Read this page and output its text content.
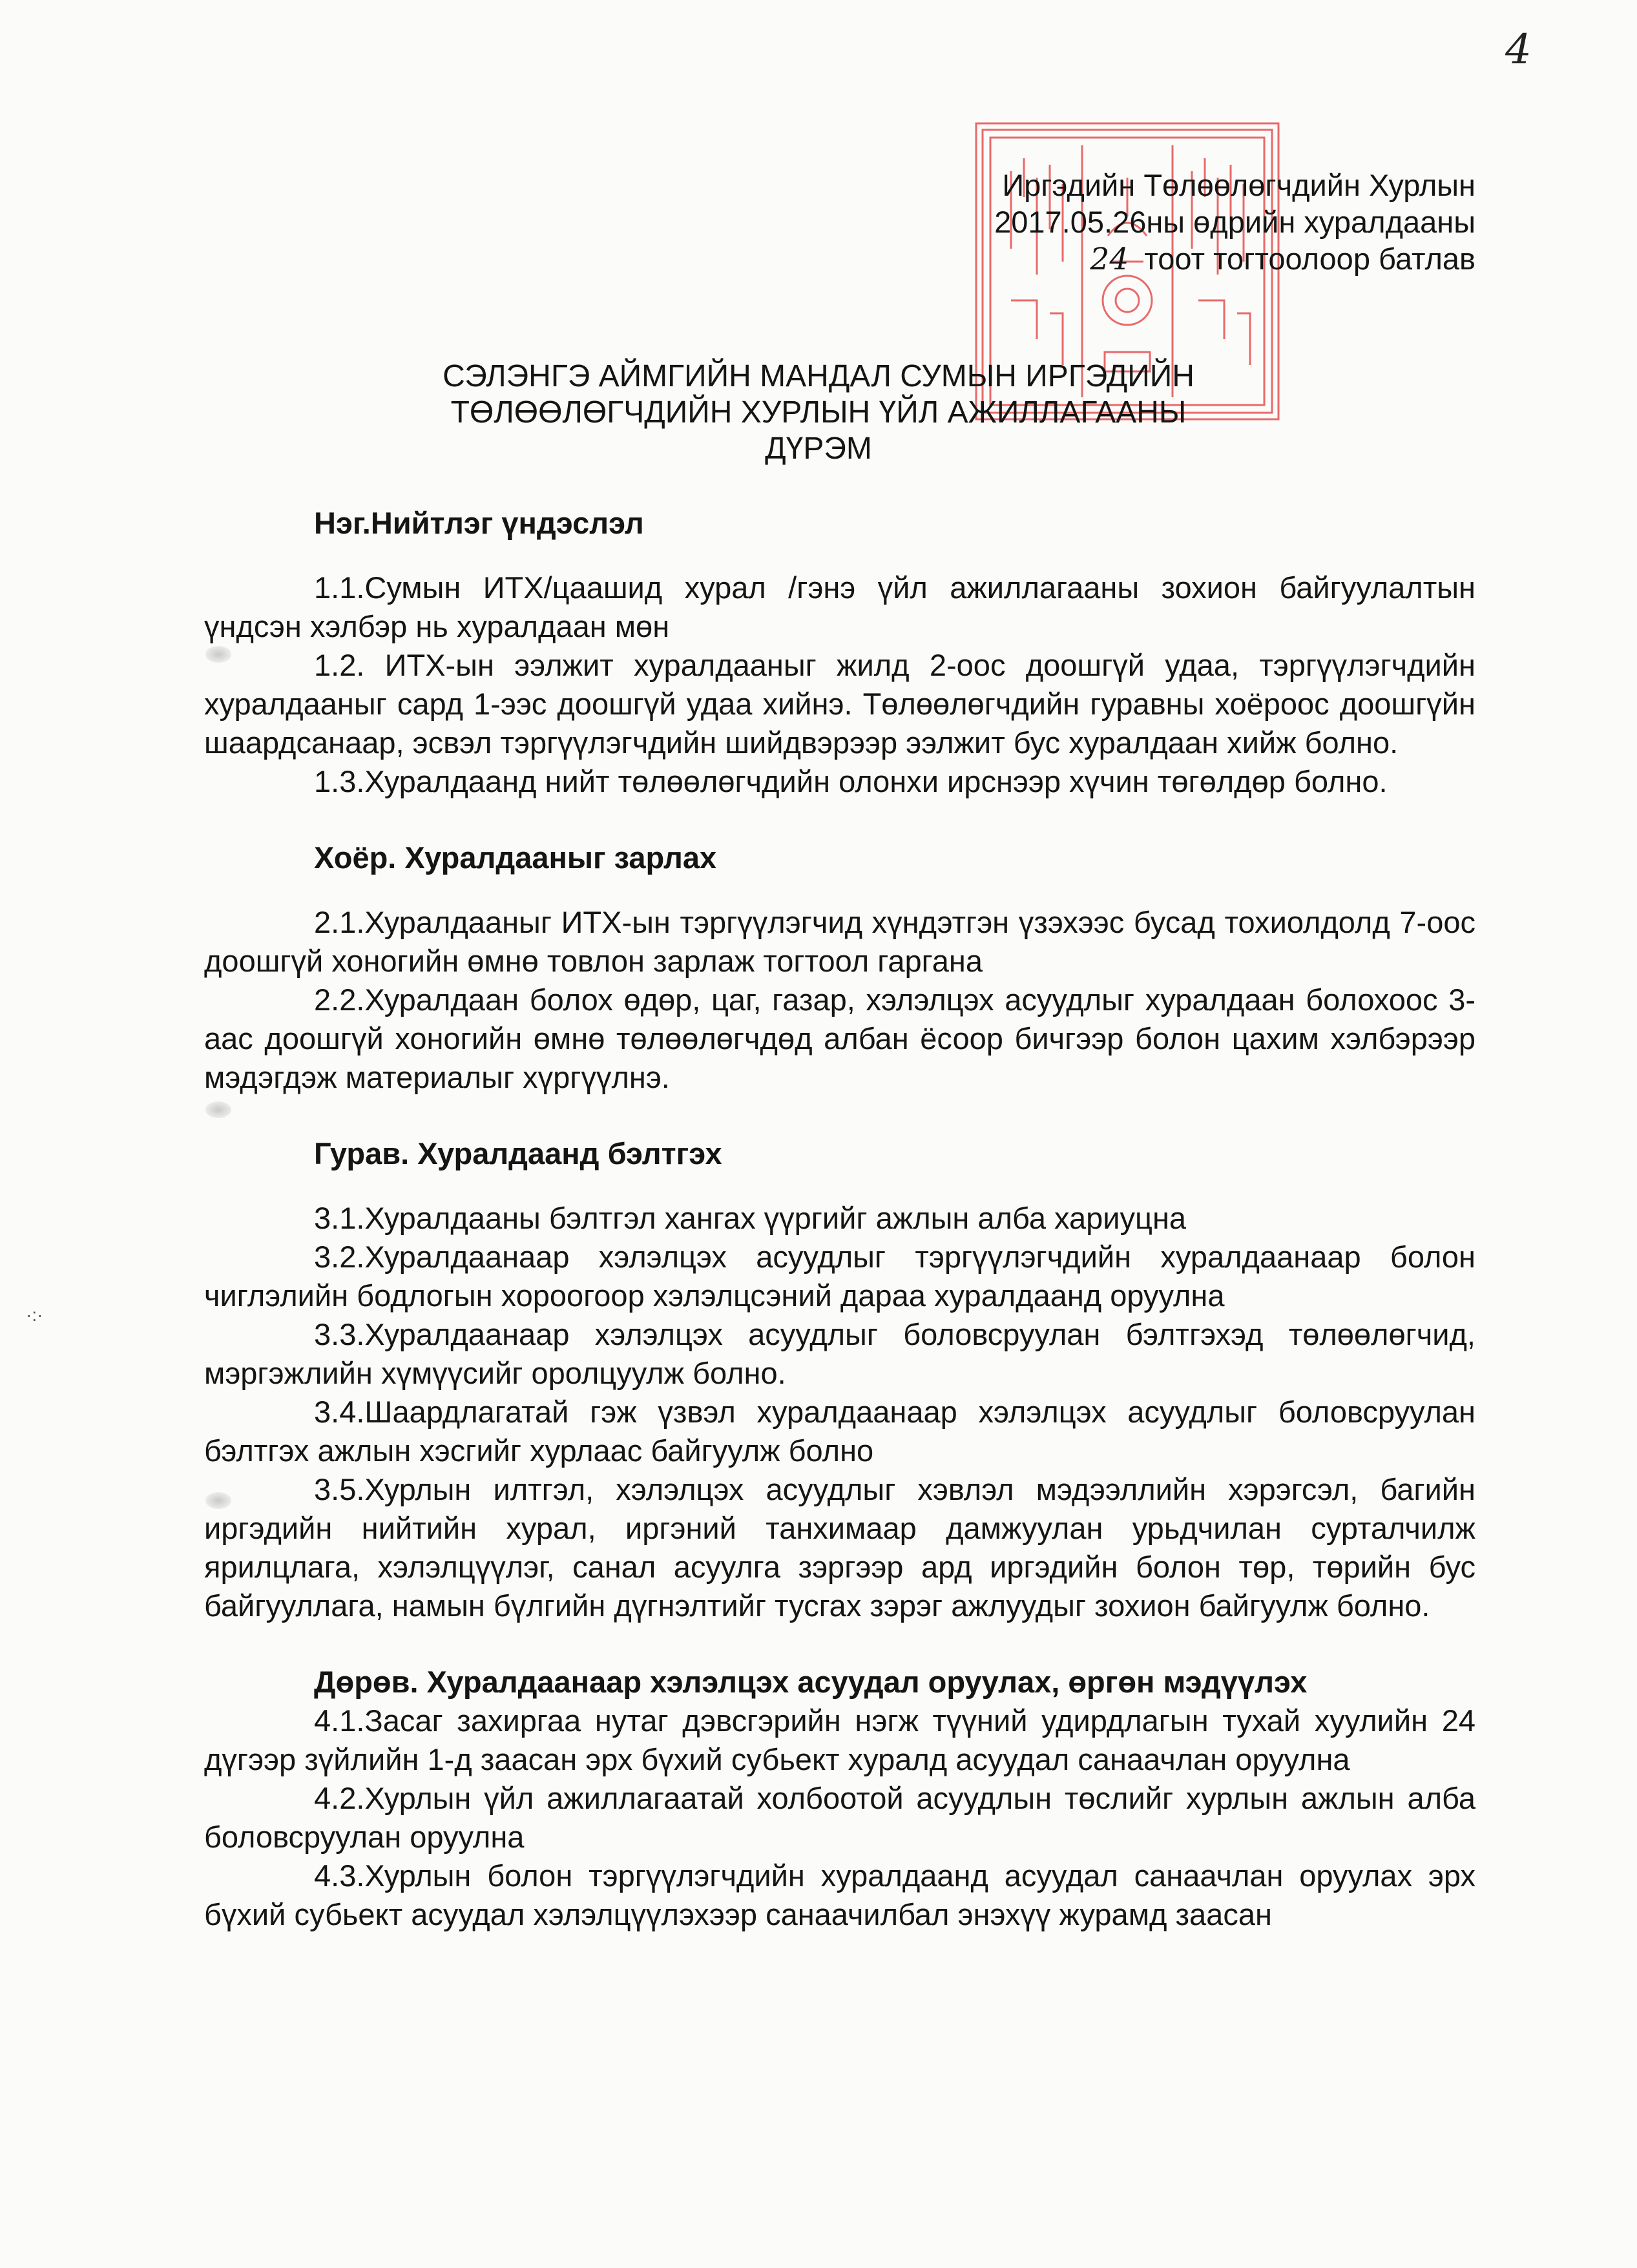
·:·
4
Иргэдийн Төлөөлөгчдийн Хурлын
2017.05.26ны өдрийн хуралдааны
24 тоот тогтоолоор батлав
СЭЛЭНГЭ АЙМГИЙН МАНДАЛ СУМЫН ИРГЭДИЙН
ТӨЛӨӨЛӨГЧДИЙН ХУРЛЫН ҮЙЛ АЖИЛЛАГААНЫ
ДҮРЭМ
Нэг.Нийтлэг үндэслэл

1.1.Сумын ИТХ/цаашид хурал /гэнэ үйл ажиллагааны зохион байгуулалтын үндсэн хэлбэр нь хуралдаан мөн

1.2. ИТХ-ын ээлжит хуралдааныг жилд 2-оос доошгүй удаа, тэргүүлэгчдийн хуралдааныг сард 1-ээс доошгүй удаа хийнэ. Төлөөлөгчдийн гуравны хоёроос доошгүйн шаардсанаар, эсвэл тэргүүлэгчдийн шийдвэрээр ээлжит бус хуралдаан хийж болно.

1.3.Хуралдаанд нийт төлөөлөгчдийн олонхи ирснээр хүчин төгөлдөр болно.

Хоёр. Хуралдааныг зарлах

2.1.Хуралдааныг ИТХ-ын тэргүүлэгчид хүндэтгэн үзэхээс бусад тохиолдолд 7-оос доошгүй хоногийн өмнө товлон зарлаж тогтоол гаргана

2.2.Хуралдаан болох өдөр, цаг, газар, хэлэлцэх асуудлыг хуралдаан болохоос 3-аас доошгүй хоногийн өмнө төлөөлөгчдөд албан ёсоор бичгээр болон цахим хэлбэрээр мэдэгдэж материалыг хүргүүлнэ.

Гурав. Хуралдаанд бэлтгэх

3.1.Хуралдааны бэлтгэл хангах үүргийг ажлын алба хариуцна

3.2.Хуралдаанаар хэлэлцэх асуудлыг тэргүүлэгчдийн хуралдаанаар болон чиглэлийн бодлогын хороогоор хэлэлцсэний дараа хуралдаанд оруулна

3.3.Хуралдаанаар хэлэлцэх асуудлыг боловсруулан бэлтгэхэд төлөөлөгчид, мэргэжлийн хүмүүсийг оролцуулж болно.

3.4.Шаардлагатай гэж үзвэл хуралдаанаар хэлэлцэх асуудлыг боловсруулан бэлтгэх ажлын хэсгийг хурлаас байгуулж болно

3.5.Хурлын илтгэл, хэлэлцэх асуудлыг хэвлэл мэдээллийн хэрэгсэл, багийн иргэдийн нийтийн хурал, иргэний танхимаар дамжуулан урьдчилан сурталчилж ярилцлага, хэлэлцүүлэг, санал асуулга зэргээр ард иргэдийн болон төр, төрийн бус байгууллага, намын бүлгийн дүгнэлтийг тусгах зэрэг ажлуудыг зохион байгуулж болно.

Дөрөв. Хуралдаанаар хэлэлцэх асуудал оруулах, өргөн мэдүүлэх

4.1.Засаг захиргаа нутаг дэвсгэрийн нэгж түүний удирдлагын тухай хуулийн 24 дүгээр зүйлийн 1-д заасан эрх бүхий субьект хуралд асуудал санаачлан оруулна

4.2.Хурлын үйл ажиллагаатай холбоотой асуудлын төслийг хурлын ажлын алба боловсруулан оруулна

4.3.Хурлын болон тэргүүлэгчдийн хуралдаанд асуудал санаачлан оруулах эрх бүхий субьект асуудал хэлэлцүүлэхээр санаачилбал энэхүү журамд заасан
